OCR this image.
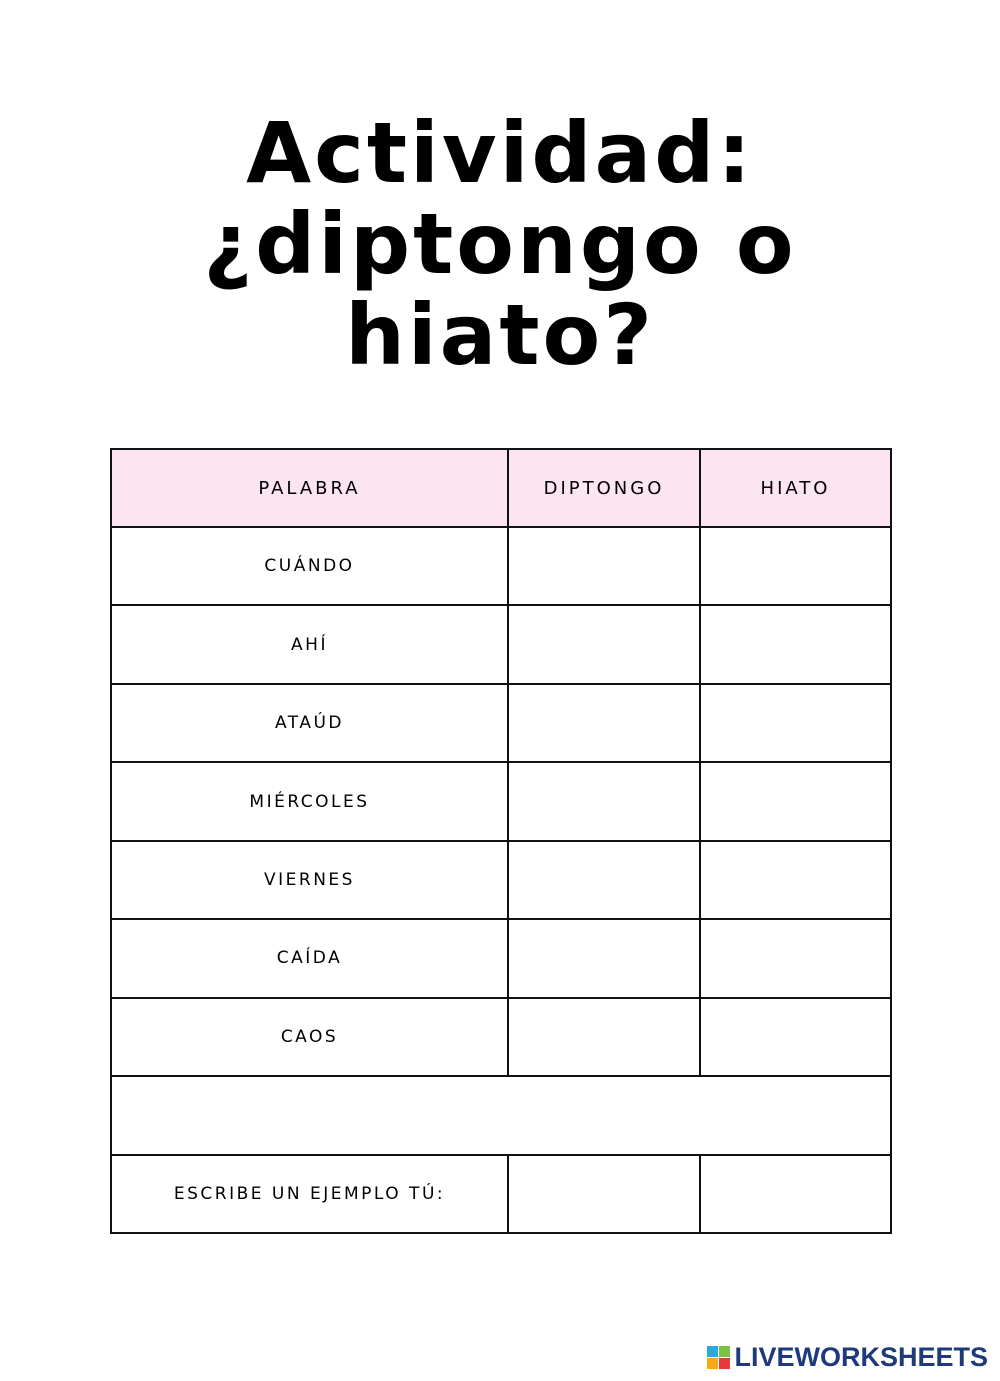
Actividad:
¿diptongo o
hiato?
PALABRA	DIPTONGO	HIATO
CUÁNDO		
AHÍ		
ATAÚD		
MIÉRCOLES		
VIERNES		
CAÍDA		
CAOS		

ESCRIBE UN EJEMPLO TÚ:		
LIVEWORKSHEETS
